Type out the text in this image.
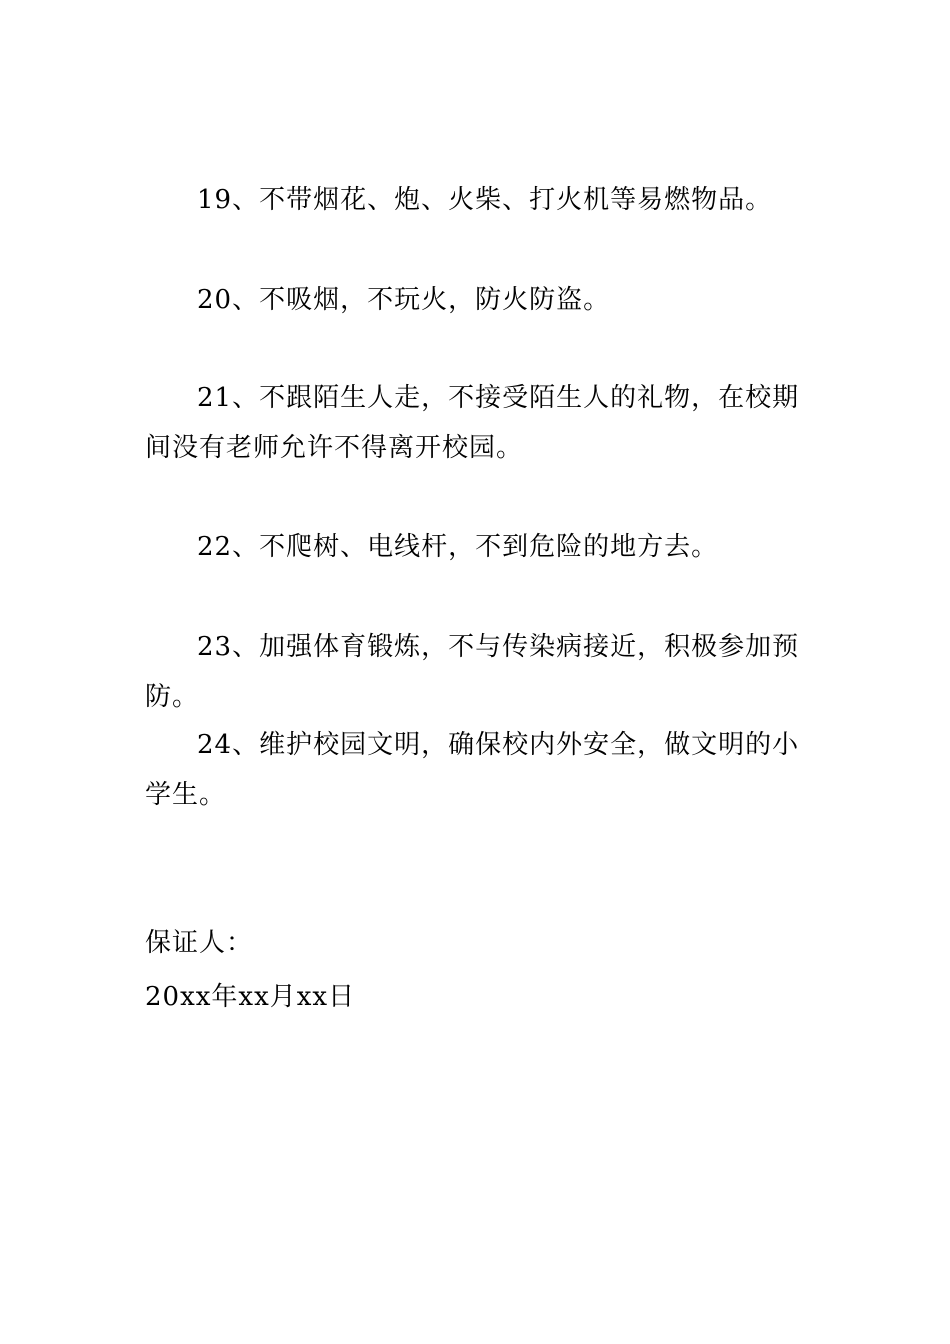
19、不带烟花、炮、火柴、打火机等易燃物品。

20、不吸烟，不玩火，防火防盗。

21、不跟陌生人走，不接受陌生人的礼物，在校期间没有老师允许不得离开校园。

22、不爬树、电线杆，不到危险的地方去。

23、加强体育锻炼，不与传染病接近，积极参加预防。

24、维护校园文明，确保校内外安全，做文明的小学生。

保证人：

20xx年xx月xx日
